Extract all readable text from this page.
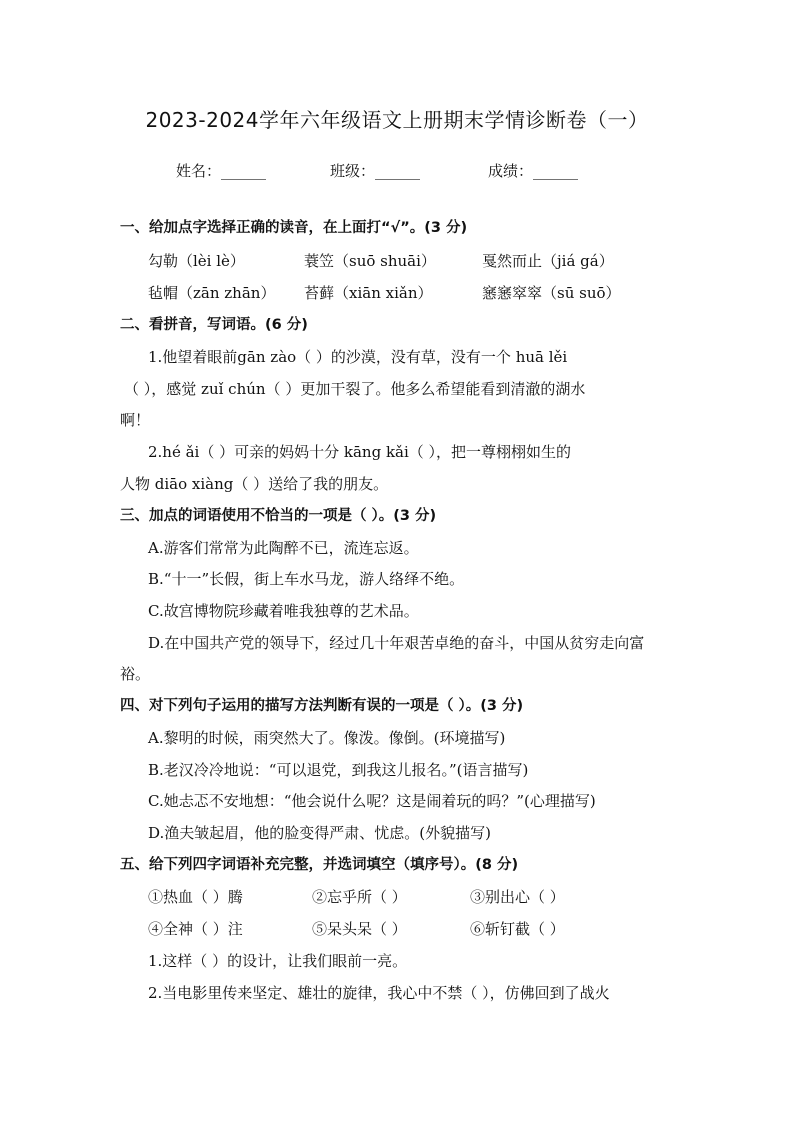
2023-2024学年六年级语文上册期末学情诊断卷（一）
姓名：______	班级：______	成绩：______
一、给加点字选择正确的读音，在上面打“√”。(3 分)
勾勒（lèi lè）	蓑笠（suō shuāi）	戛然而止（jiá gá）
毡帽（zān zhān） 苔藓（xiān xiǎn）	窸窸窣窣（sū suō）
二、看拼音，写词语。(6 分)
1.他望着眼前gān zào（ ）的沙漠，没有草，没有一个 huā lěi
（ ），感觉 zuǐ chún（ ）更加干裂了。他多么希望能看到清澈的湖水
啊！
2.hé ǎi（ ）可亲的妈妈十分 kāng kǎi（ ），把一尊栩栩如生的
人物 diāo xiàng（ ）送给了我的朋友。
三、加点的词语使用不恰当的一项是（ ）。(3 分)
A.游客们常常为此陶醉不已，流连忘返。
B.“十一”长假，街上车水马龙，游人络绎不绝。
C.故宫博物院珍藏着唯我独尊的艺术品。
D.在中国共产党的领导下，经过几十年艰苦卓绝的奋斗，中国从贫穷走向富
裕。
四、对下列句子运用的描写方法判断有误的一项是（ ）。(3 分)
A.黎明的时候，雨突然大了。像泼。像倒。(环境描写)
B.老汉冷冷地说：“可以退党，到我这儿报名。”(语言描写)
C.她忐忑不安地想：“他会说什么呢？这是闹着玩的吗？”(心理描写)
D.渔夫皱起眉，他的脸变得严肃、忧虑。(外貌描写)
五、给下列四字词语补充完整，并选词填空（填序号）。(8 分)
①热血（ ）腾	②忘乎所（ ）	③别出心（ ）
④全神（ ）注	⑤呆头呆（ ）	⑥斩钉截（ ）
1.这样（ ）的设计，让我们眼前一亮。
2.当电影里传来坚定、雄壮的旋律，我心中不禁（ ），仿佛回到了战火
